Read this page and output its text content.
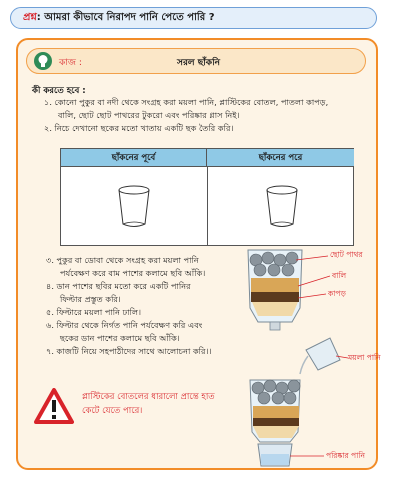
প্রশ্ন: আমরা কীভাবে নিরাপদ পানি পেতে পারি ?
কাজ :	সরল ছাঁকনি
কী করতে হবে :
১. কোনো পুকুর বা নদী থেকে সংগ্রহ করা ময়লা পানি, প্লাস্টিকের বোতল, পাতলা কাপড়,
বালি, ছোট ছোট পাথরের টুকরো এবং পরিষ্কার গ্লাস নিই।
২. নিচে দেখানো ছকের মতো খাতায় একটি ছক তৈরি করি।
ছাঁকনের পূর্বে	ছাঁকনের পরে
৩. পুকুর বা ডোবা থেকে সংগ্রহ করা ময়লা পানি
পর্যবেক্ষণ করে বাম পাশের কলামে ছবি আঁকি।
৪. ডান পাশের ছবির মতো করে একটি পানির
ফিল্টার প্রস্তুত করি।
৫. ফিল্টারে ময়লা পানি ঢালি।
৬. ফিল্টার থেকে নির্গত পানি পর্যবেক্ষণ করি এবং
ছকের ডান পাশের কলামে ছবি আঁকি।
৭. কাজটি নিয়ে সহপাঠীদের সাথে আলোচনা করি।।
প্লাস্টিকের বোতলের ধারালো প্রান্তে হাত
কেটে যেতে পারে।
ছোট পাথর
বালি
কাপড়
ময়লা পানি
পরিষ্কার পানি
